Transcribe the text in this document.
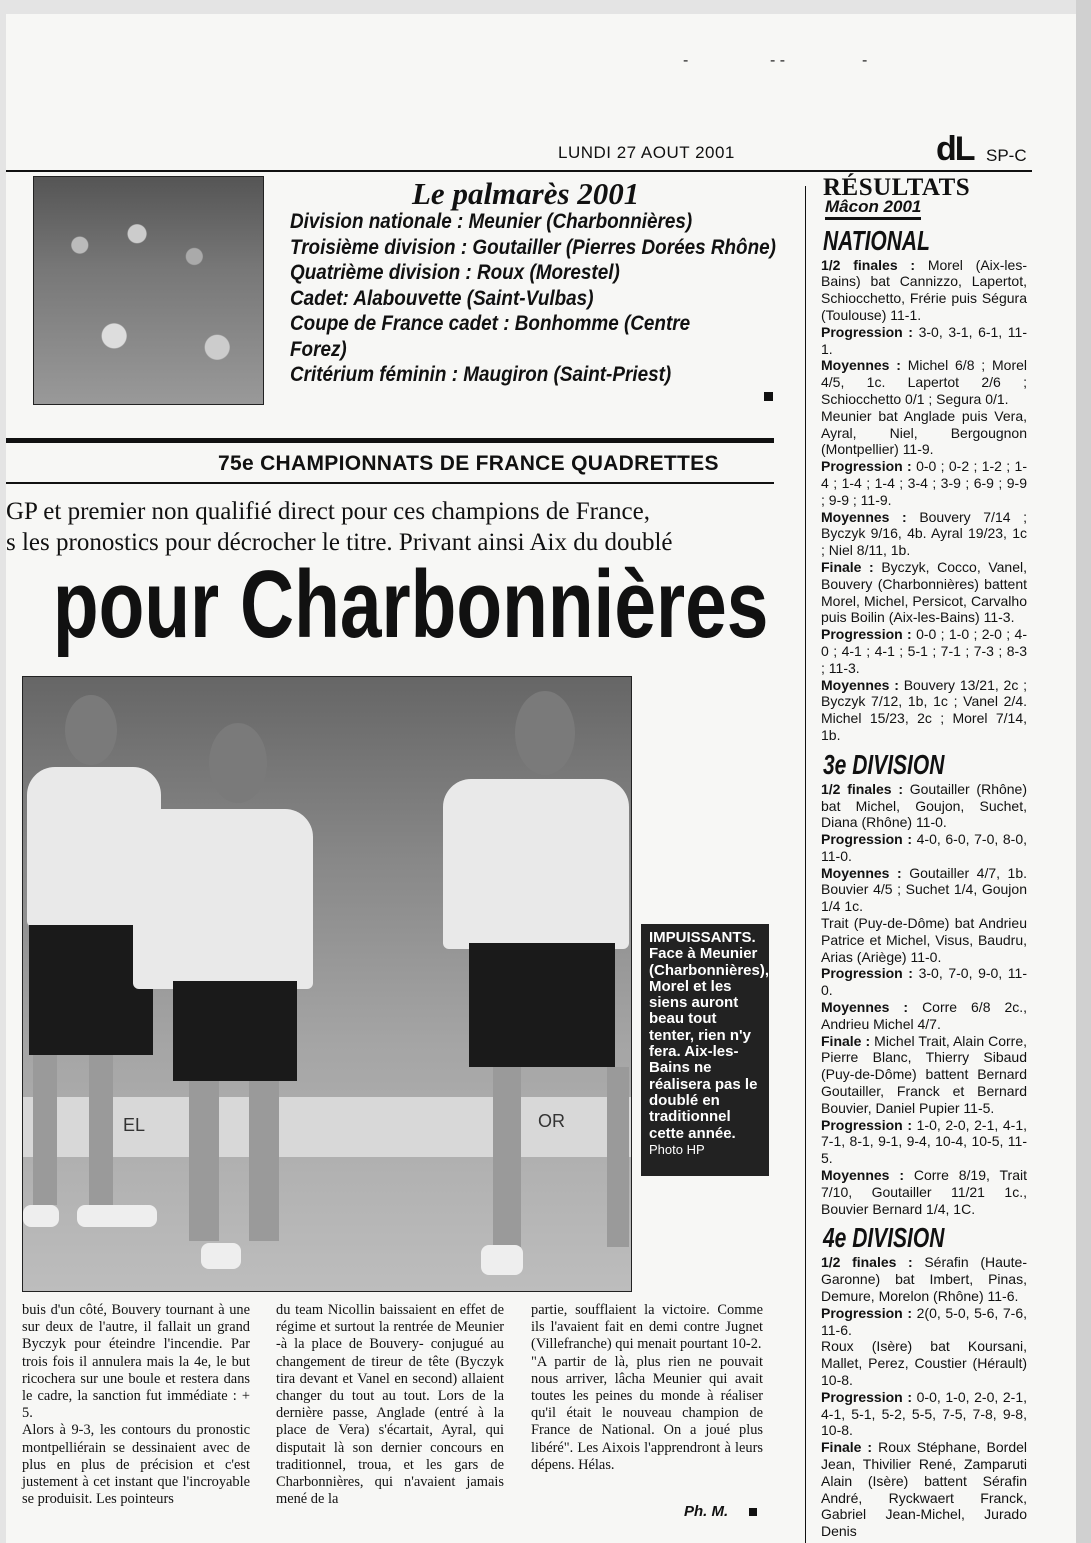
-	- -	-
LUNDI 27 AOUT 2001	dL SP-C
Le palmarès 2001
Division nationale : Meunier (Charbonnières)
Troisième division : Goutailler (Pierres Dorées Rhône)
Quatrième division : Roux (Morestel)
Cadet: Alabouvette (Saint-Vulbas)
Coupe de France cadet : Bonhomme (Centre Forez)
Critérium féminin : Maugiron (Saint-Priest)
75e CHAMPIONNATS DE FRANCE QUADRETTES
GP et premier non qualifié direct pour ces champions de France,
s les pronostics pour décrocher le titre. Privant ainsi Aix du doublé
pour Charbonnières
EL	OR
IMPUISSANTS. Face à Meunier (Charbonnières), Morel et les siens auront beau tout tenter, rien n'y fera. Aix-les-Bains ne réalisera pas le doublé en traditionnel cette année.
Photo HP

buis d'un côté, Bouvery tournant à une sur deux de l'autre, il fallait un grand Byczyk pour éteindre l'incendie. Par trois fois il annulera mais la 4e, le but ricochera sur une boule et restera dans le cadre, la sanction fut immédiate : + 5.

Alors à 9-3, les contours du pronostic montpelliérain se dessinaient avec de plus en plus de précision et c'est justement à cet instant que l'incroyable se produisit. Les pointeurs

du team Nicollin baissaient en effet de régime et surtout la rentrée de Meunier -à la place de Bouvery- conjugué au changement de tireur de tête (Byczyk tira devant et Vanel en second) allaient changer du tout au tout. Lors de la dernière passe, Anglade (entré à la place de Vera) s'écartait, Ayral, qui disputait là son dernier concours en traditionnel, troua, et les gars de Charbonnières, qui n'avaient jamais mené de la

partie, soufflaient la victoire. Comme ils l'avaient fait en demi contre Jugnet (Villefranche) qui menait pourtant 10-2.

"A partir de là, plus rien ne pouvait nous arriver, lâcha Meunier qui avait toutes les peines du monde à réaliser qu'il était le nouveau champion de France de National. On a joué plus libéré". Les Aixois l'apprendront à leurs dépens. Hélas.

Ph. M.
RÉSULTATS
Mâcon 2001
NATIONAL

1/2 finales : Morel (Aix-les-Bains) bat Cannizzo, Lapertot, Schiocchetto, Frérie puis Ségura (Toulouse) 11-1.

Progression : 3-0, 3-1, 6-1, 11-1.

Moyennes : Michel 6/8 ; Morel 4/5, 1c. Lapertot 2/6 ; Schiocchetto 0/1 ; Segura 0/1.

Meunier bat Anglade puis Vera, Ayral, Niel, Bergougnon (Montpellier) 11-9.

Progression : 0-0 ; 0-2 ; 1-2 ; 1-4 ; 1-4 ; 1-4 ; 3-4 ; 3-9 ; 6-9 ; 9-9 ; 9-9 ; 11-9.

Moyennes : Bouvery 7/14 ; Byczyk 9/16, 4b. Ayral 19/23, 1c ; Niel 8/11, 1b.

Finale : Byczyk, Cocco, Vanel, Bouvery (Charbonnières) battent Morel, Michel, Persicot, Carvalho puis Boilin (Aix-les-Bains) 11-3.

Progression : 0-0 ; 1-0 ; 2-0 ; 4-0 ; 4-1 ; 4-1 ; 5-1 ; 7-1 ; 7-3 ; 8-3 ; 11-3.

Moyennes : Bouvery 13/21, 2c ; Byczyk 7/12, 1b, 1c ; Vanel 2/4. Michel 15/23, 2c ; Morel 7/14, 1b.

3e DIVISION

1/2 finales : Goutailler (Rhône) bat Michel, Goujon, Suchet, Diana (Rhône) 11-0.

Progression : 4-0, 6-0, 7-0, 8-0, 11-0.

Moyennes : Goutailler 4/7, 1b. Bouvier 4/5 ; Suchet 1/4, Goujon 1/4 1c.

Trait (Puy-de-Dôme) bat Andrieu Patrice et Michel, Visus, Baudru, Arias (Ariège) 11-0.

Progression : 3-0, 7-0, 9-0, 11-0.

Moyennes : Corre 6/8 2c., Andrieu Michel 4/7.

Finale : Michel Trait, Alain Corre, Pierre Blanc, Thierry Sibaud (Puy-de-Dôme) battent Bernard Goutailler, Franck et Bernard Bouvier, Daniel Pupier 11-5.

Progression : 1-0, 2-0, 2-1, 4-1, 7-1, 8-1, 9-1, 9-4, 10-4, 10-5, 11-5.

Moyennes : Corre 8/19, Trait 7/10, Goutailler 11/21 1c., Bouvier Bernard 1/4, 1C.

4e DIVISION

1/2 finales : Sérafin (Haute-Garonne) bat Imbert, Pinas, Demure, Morelon (Rhône) 11-6.

Progression : 2(0, 5-0, 5-6, 7-6, 11-6.

Roux (Isère) bat Koursani, Mallet, Perez, Coustier (Hérault) 10-8.

Progression : 0-0, 1-0, 2-0, 2-1, 4-1, 5-1, 5-2, 5-5, 7-5, 7-8, 9-8, 10-8.

Finale : Roux Stéphane, Bordel Jean, Thivilier René, Zamparuti Alain (Isère) battent Sérafin André, Ryckwaert Franck, Gabriel Jean-Michel, Jurado Denis
